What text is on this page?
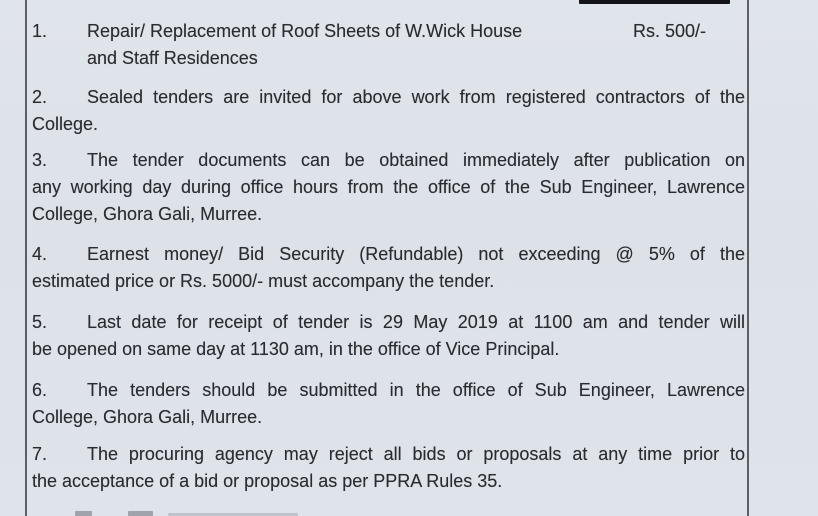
1. Repair/ Replacement of Roof Sheets of W.Wick House
and Staff Residences
Rs. 500/-
2. Sealed tenders are invited for above work from registered contractors of the
College.
3. The tender documents can be obtained immediately after publication on
any working day during office hours from the office of the Sub Engineer, Lawrence
College, Ghora Gali, Murree.
4. Earnest money/ Bid Security (Refundable) not exceeding @ 5% of the
estimated price or Rs. 5000/- must accompany the tender.
5. Last date for receipt of tender is 29 May 2019 at 1100 am and tender will
be opened on same day at 1130 am, in the office of Vice Principal.
6. The tenders should be submitted in the office of Sub Engineer, Lawrence
College, Ghora Gali, Murree.
7. The procuring agency may reject all bids or proposals at any time prior to
the acceptance of a bid or proposal as per PPRA Rules 35.
